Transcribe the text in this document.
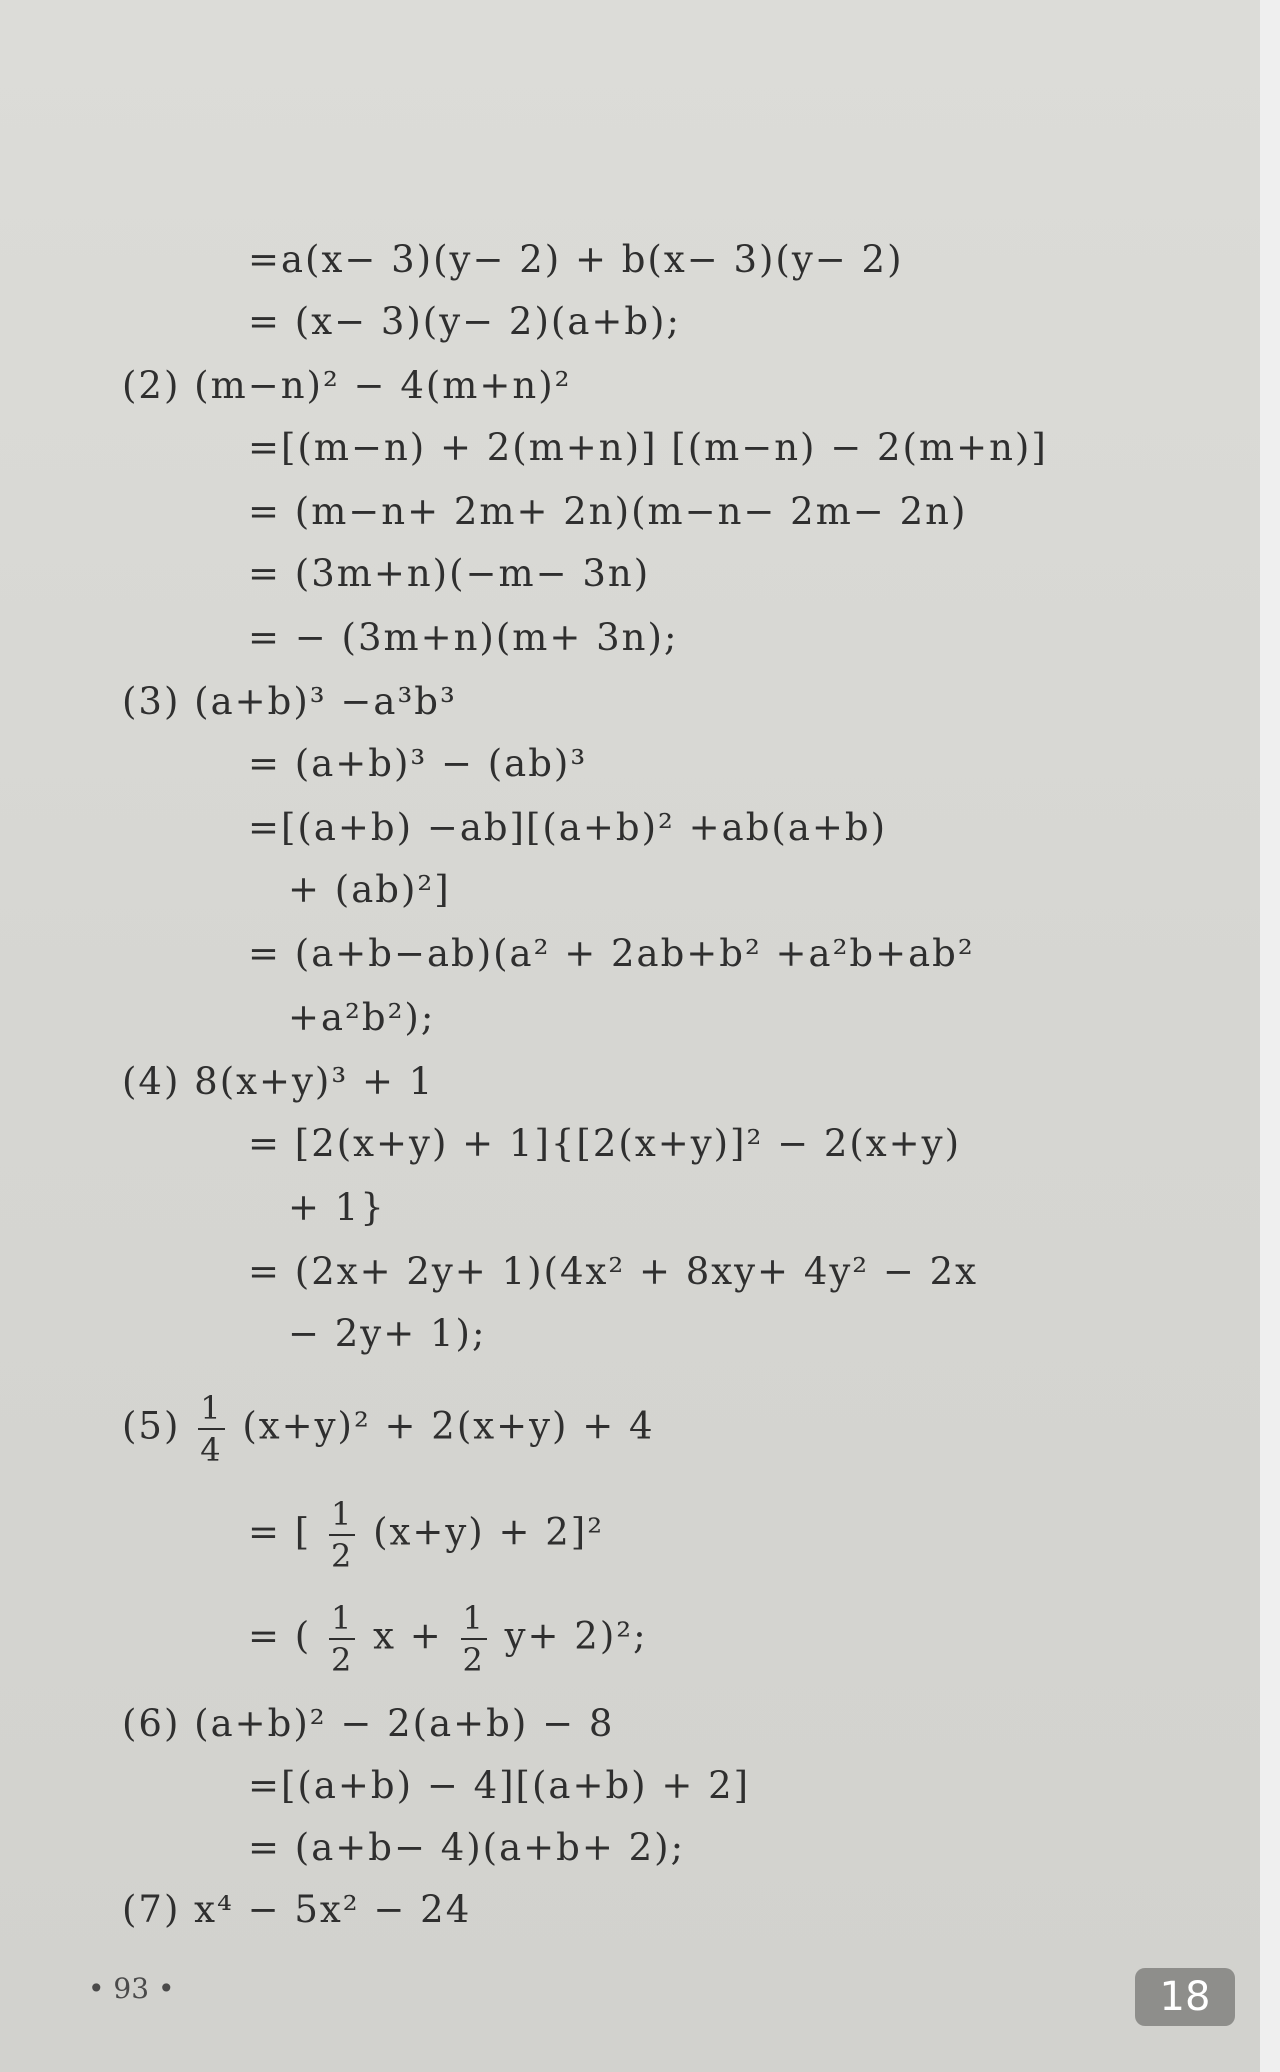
=a(x− 3)(y− 2) + b(x− 3)(y− 2)

= (x− 3)(y− 2)(a+b);

(2) (m−n)² − 4(m+n)²

=[(m−n) + 2(m+n)] [(m−n) − 2(m+n)]

= (m−n+ 2m+ 2n)(m−n− 2m− 2n)

= (3m+n)(−m− 3n)

= − (3m+n)(m+ 3n);

(3) (a+b)³ −a³b³

= (a+b)³ − (ab)³

=[(a+b) −ab][(a+b)² +ab(a+b)

+ (ab)²]

= (a+b−ab)(a² + 2ab+b² +a²b+ab²

+a²b²);

(4) 8(x+y)³ + 1

= [2(x+y) + 1]{[2(x+y)]² − 2(x+y)

+ 1}

= (2x+ 2y+ 1)(4x² + 8xy+ 4y² − 2x

− 2y+ 1);

$(5) \frac{1}{4} (x+y)^2 + 2(x+y) + 4$

= [ $\frac{1}{2} (x+y) + 2]^2$

= ( $\frac{1}{2}$ $x + \frac{1}{2} y+ 2)^2$;

(6) (a+b)² − 2(a+b) − 8

=[(a+b) − 4][(a+b) + 2]

= (a+b− 4)(a+b+ 2);

(7) x⁴ − 5x² − 24

• 93 •	18
